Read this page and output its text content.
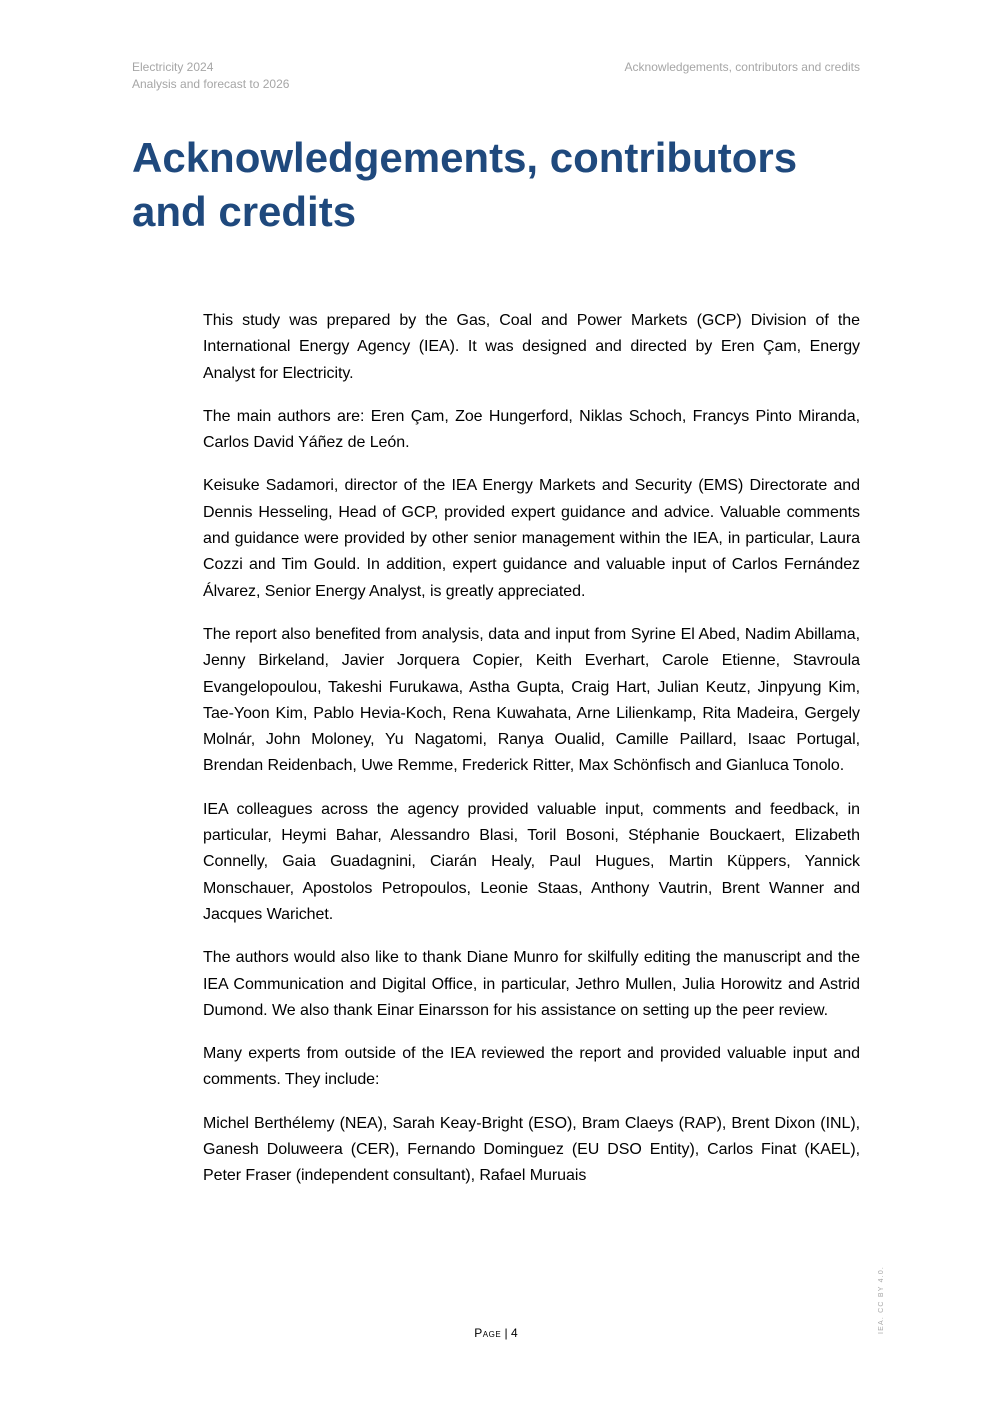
Electricity 2024
Analysis and forecast to 2026
Acknowledgements, contributors and credits
Acknowledgements, contributors and credits

This study was prepared by the Gas, Coal and Power Markets (GCP) Division of the International Energy Agency (IEA). It was designed and directed by Eren Çam, Energy Analyst for Electricity.

The main authors are: Eren Çam, Zoe Hungerford, Niklas Schoch, Francys Pinto Miranda, Carlos David Yáñez de León.

Keisuke Sadamori, director of the IEA Energy Markets and Security (EMS) Directorate and Dennis Hesseling, Head of GCP, provided expert guidance and advice. Valuable comments and guidance were provided by other senior management within the IEA, in particular, Laura Cozzi and Tim Gould. In addition, expert guidance and valuable input of Carlos Fernández Álvarez, Senior Energy Analyst, is greatly appreciated.

The report also benefited from analysis, data and input from Syrine El Abed, Nadim Abillama, Jenny Birkeland, Javier Jorquera Copier, Keith Everhart, Carole Etienne, Stavroula Evangelopoulou, Takeshi Furukawa, Astha Gupta, Craig Hart, Julian Keutz, Jinpyung Kim, Tae-Yoon Kim, Pablo Hevia-Koch, Rena Kuwahata, Arne Lilienkamp, Rita Madeira, Gergely Molnár, John Moloney, Yu Nagatomi, Ranya Oualid, Camille Paillard, Isaac Portugal, Brendan Reidenbach, Uwe Remme, Frederick Ritter, Max Schönfisch and Gianluca Tonolo.

IEA colleagues across the agency provided valuable input, comments and feedback, in particular, Heymi Bahar, Alessandro Blasi, Toril Bosoni, Stéphanie Bouckaert, Elizabeth Connelly, Gaia Guadagnini, Ciarán Healy, Paul Hugues, Martin Küppers, Yannick Monschauer, Apostolos Petropoulos, Leonie Staas, Anthony Vautrin, Brent Wanner and Jacques Warichet.

The authors would also like to thank Diane Munro for skilfully editing the manuscript and the IEA Communication and Digital Office, in particular, Jethro Mullen, Julia Horowitz and Astrid Dumond. We also thank Einar Einarsson for his assistance on setting up the peer review.

Many experts from outside of the IEA reviewed the report and provided valuable input and comments. They include:

Michel Berthélemy (NEA), Sarah Keay-Bright (ESO), Bram Claeys (RAP), Brent Dixon (INL), Ganesh Doluweera (CER), Fernando Dominguez (EU DSO Entity), Carlos Finat (KAEL), Peter Fraser (independent consultant), Rafael Muruais

Page | 4	IEA. CC BY 4.0.
